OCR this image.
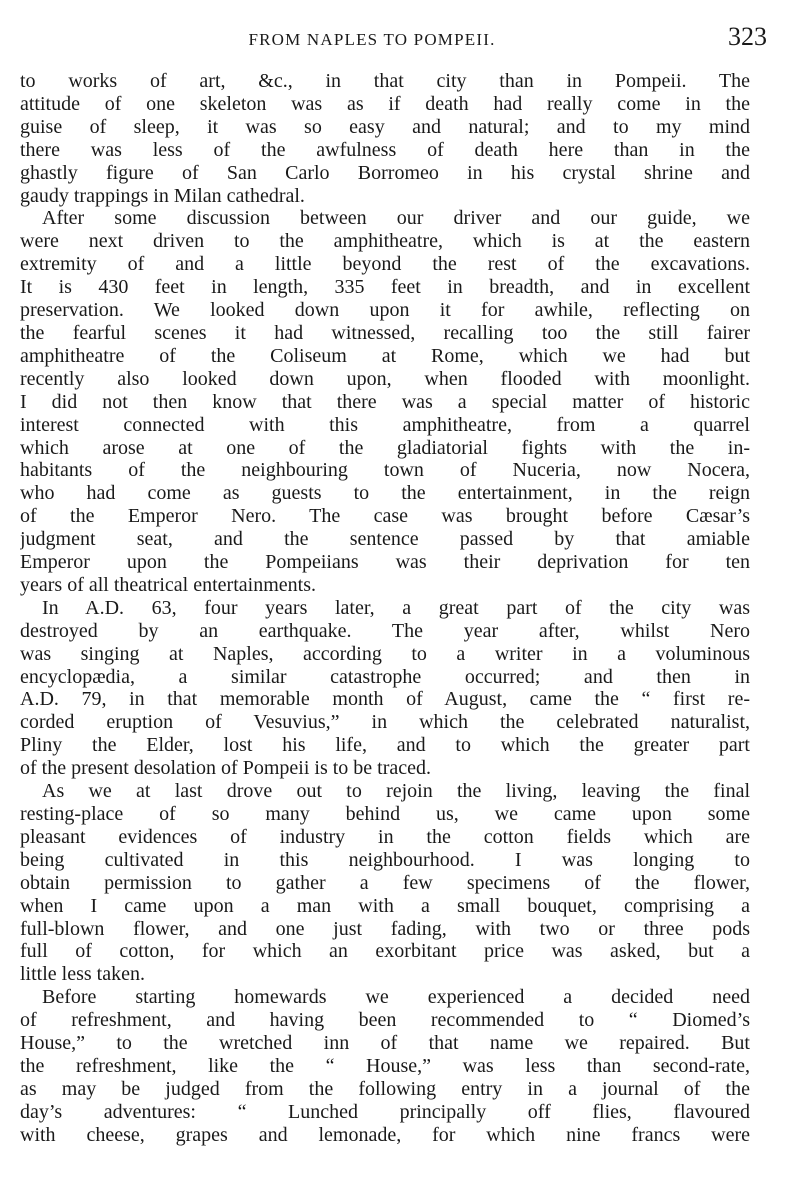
FROM NAPLES TO POMPEII.	323
to works of art, &c., in that city than in Pompeii. The
attitude of one skeleton was as if death had really come in the
guise of sleep, it was so easy and natural; and to my mind
there was less of the awfulness of death here than in the
ghastly figure of San Carlo Borromeo in his crystal shrine and
gaudy trappings in Milan cathedral.
After some discussion between our driver and our guide, we
were next driven to the amphitheatre, which is at the eastern
extremity of and a little beyond the rest of the excavations.
It is 430 feet in length, 335 feet in breadth, and in excellent
preservation. We looked down upon it for awhile, reflecting on
the fearful scenes it had witnessed, recalling too the still fairer
amphitheatre of the Coliseum at Rome, which we had but
recently also looked down upon, when flooded with moonlight.
I did not then know that there was a special matter of historic
interest connected with this amphitheatre, from a quarrel
which arose at one of the gladiatorial fights with the in-
habitants of the neighbouring town of Nuceria, now Nocera,
who had come as guests to the entertainment, in the reign
of the Emperor Nero. The case was brought before Cæsar’s
judgment seat, and the sentence passed by that amiable
Emperor upon the Pompeiians was their deprivation for ten
years of all theatrical entertainments.
In A.D. 63, four years later, a great part of the city was
destroyed by an earthquake. The year after, whilst Nero
was singing at Naples, according to a writer in a voluminous
encyclopædia, a similar catastrophe occurred; and then in
A.D. 79, in that memorable month of August, came the “ first re-
corded eruption of Vesuvius,” in which the celebrated naturalist,
Pliny the Elder, lost his life, and to which the greater part
of the present desolation of Pompeii is to be traced.
As we at last drove out to rejoin the living, leaving the final
resting-place of so many behind us, we came upon some
pleasant evidences of industry in the cotton fields which are
being cultivated in this neighbourhood. I was longing to
obtain permission to gather a few specimens of the flower,
when I came upon a man with a small bouquet, comprising a
full-blown flower, and one just fading, with two or three pods
full of cotton, for which an exorbitant price was asked, but a
little less taken.
Before starting homewards we experienced a decided need
of refreshment, and having been recommended to “ Diomed’s
House,” to the wretched inn of that name we repaired. But
the refreshment, like the “ House,” was less than second-rate,
as may be judged from the following entry in a journal of the
day’s adventures: “ Lunched principally off flies, flavoured
with cheese, grapes and lemonade, for which nine francs were
